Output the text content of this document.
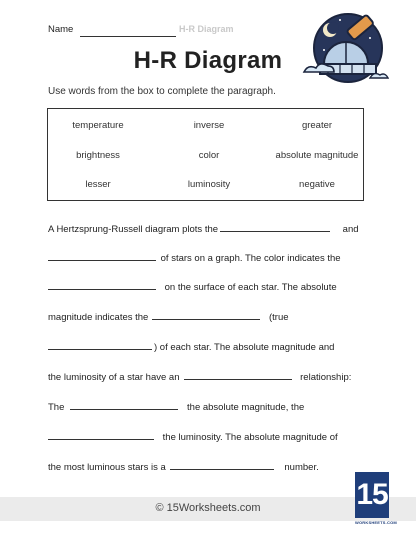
Name	H-R Diagram
H-R Diagram
Use words from the box to complete the paragraph.
temperature	inverse	greater
brightness	color	absolute magnitude
lesser	luminosity	negative
A Hertzsprung-Russell diagram plots the	and
of stars on a graph. The color indicates the
on the surface of each star. The absolute
magnitude indicates the	(true
) of each star. The absolute magnitude and
the luminosity of a star have an	relationship:
The	the absolute magnitude, the
the luminosity. The absolute magnitude of
the most luminous stars is a	number.
© 15Worksheets.com	15
WORKSHEETS.COM
